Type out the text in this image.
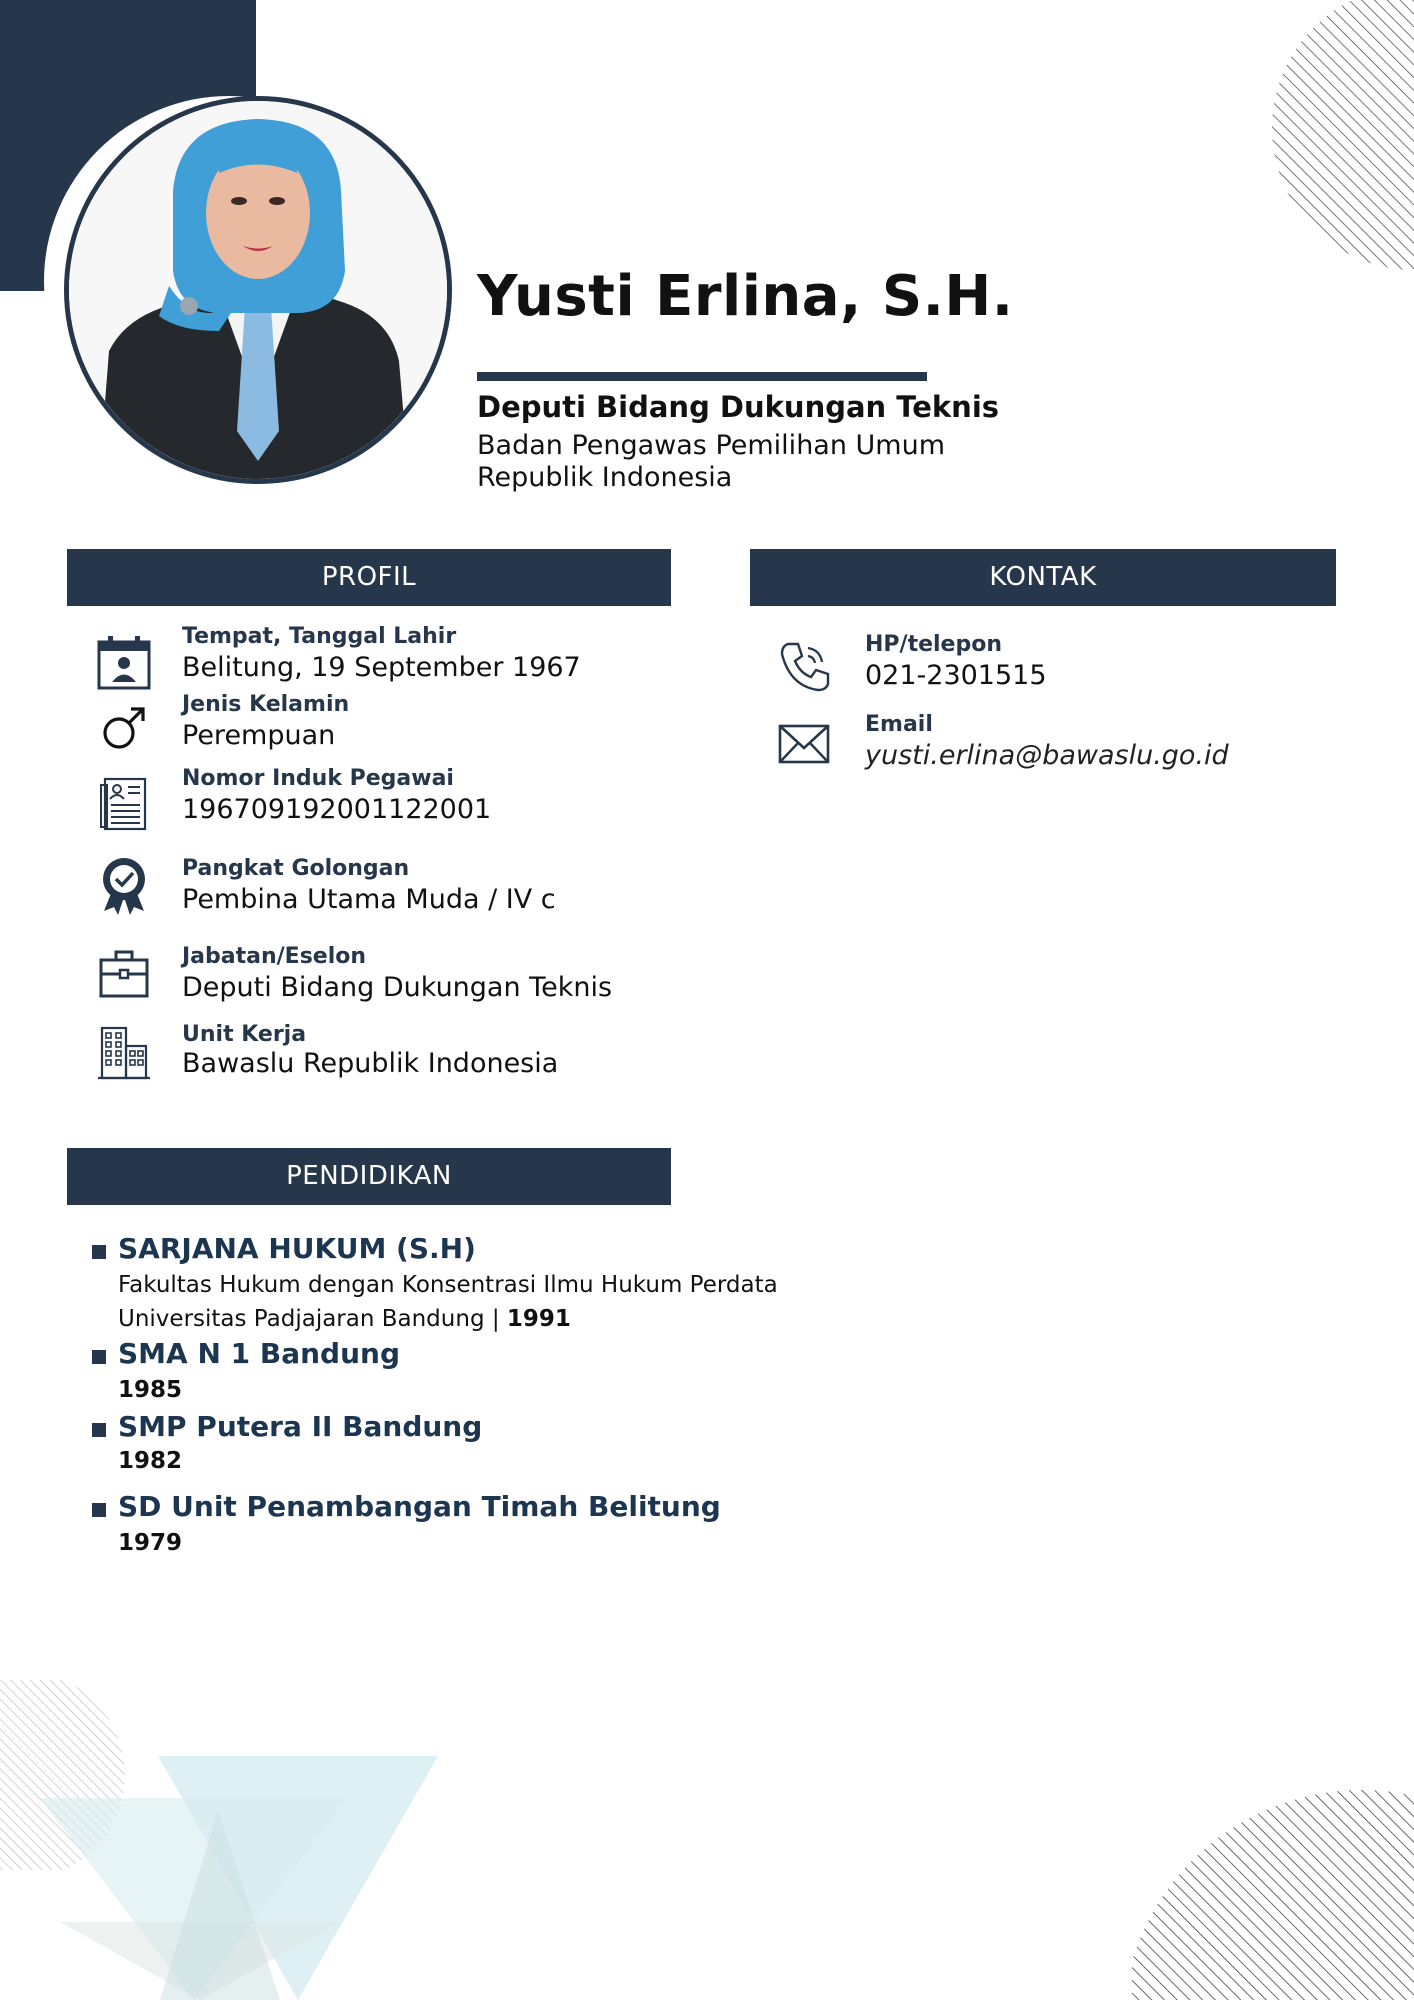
Yusti Erlina, S.H.
Deputi Bidang Dukungan Teknis
Badan Pengawas Pemilihan Umum
Republik Indonesia
PROFIL
Tempat, Tanggal Lahir
Belitung, 19 September 1967
Jenis Kelamin
Perempuan
Nomor Induk Pegawai
196709192001122001
Pangkat Golongan
Pembina Utama Muda / IV c
Jabatan/Eselon
Deputi Bidang Dukungan Teknis
Unit Kerja
Bawaslu Republik Indonesia
KONTAK
HP/telepon
021-2301515
Email
yusti.erlina@bawaslu.go.id
PENDIDIKAN
SARJANA HUKUM (S.H)
Fakultas Hukum dengan Konsentrasi Ilmu Hukum Perdata
Universitas Padjajaran Bandung | 1991
SMA N 1 Bandung
1985
SMP Putera II Bandung
1982
SD Unit Penambangan Timah Belitung
1979
